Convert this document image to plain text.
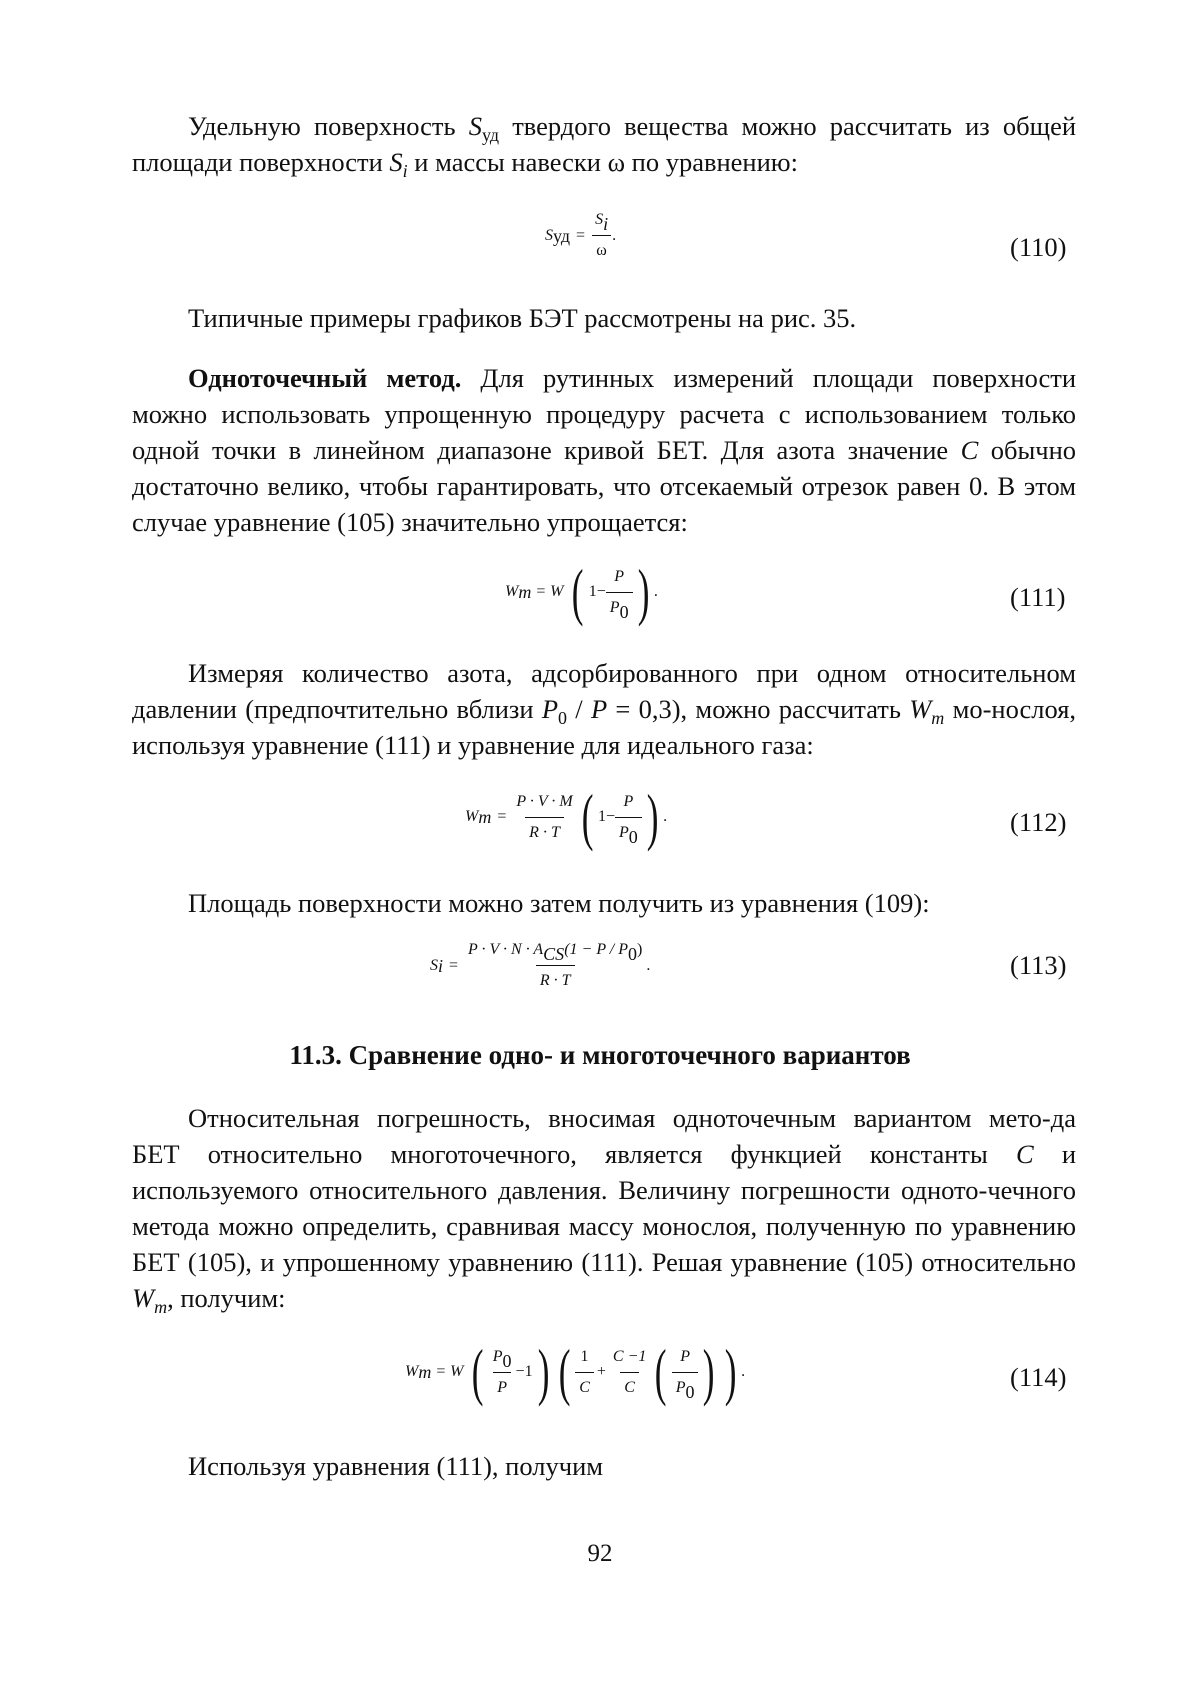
Удельную поверхность $S_{уд}$ твердого вещества можно рассчитать из общей площади поверхности $S_i$ и массы навески ω по уравнению:

S уд = $\frac{S_i}{\omega}$ .	(110)

Типичные примеры графиков БЭТ рассмотрены на рис. 35.

Одноточечный метод. Для рутинных измерений площади поверхности можно использовать упрощенную процедуру расчета с использованием только одной точки в линейном диапазоне кривой БЕТ. Для азота значение C обычно достаточно велико, чтобы гарантировать, что отсекаемый отрезок равен 0. В этом случае уравнение (105) значительно упрощается:

W m = W ( $1- \frac{P}{P_0}$ ) .	(111)

Измеряя количество азота, адсорбированного при одном относительном давлении (предпочтительно вблизи $P_0 / P = 0,3$), можно рассчитать $W_m$ мо-нослоя, используя уравнение (111) и уравнение для идеального газа:

W $m = \frac{P \cdot V \cdot M}{R \cdot T}$ ( $1- \frac{P}{P_0}$ ) .	(112)

Площадь поверхности можно затем получить из уравнения (109):

S $i = \frac{P \cdot V \cdot N \cdot A_{CS}(1 - P / P_0)}{R \cdot T}$ .	(113)
11.3. Сравнение одно- и многоточечного вариантов

Относительная погрешность, вносимая одноточечным вариантом мето-да БЕТ относительно многоточечного, является функцией константы C и используемого относительного давления. Величину погрешности одното-чечного метода можно определить, сравнивая массу монослоя, полученную по уравнению БЕТ (105), и упрошенному уравнению (111). Решая уравнение (105) относительно $W_m$, получим:

W m = W ( $\frac{P_0}{P} -1$ ) ( $\frac{1}{C} + \frac{C -1}{C}$ ( $\frac{P}{P_0}$ ) ) .	(114)

Используя уравнения (111), получим

92
